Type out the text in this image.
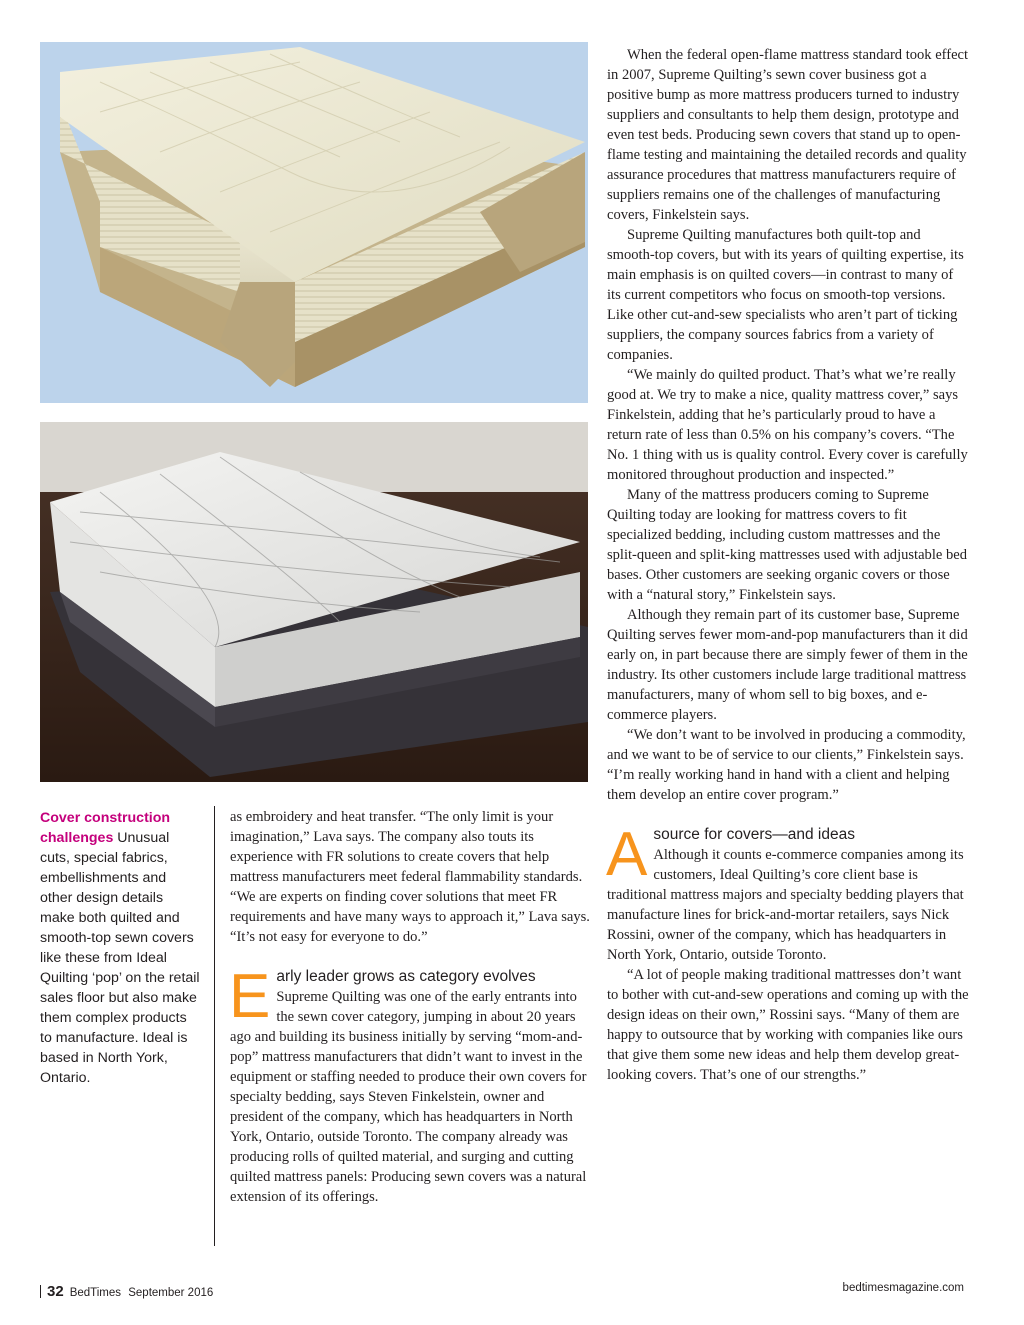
Cover construction challenges Unusual cuts, special fabrics, embellishments and other design details make both quilted and smooth-top sewn covers like these from Ideal Quilting ‘pop’ on the retail sales floor but also make them complex products to manufacture. Ideal is based in North York, Ontario.

as embroidery and heat transfer. “The only limit is your imagination,” Lava says. The company also touts its experience with FR solutions to create covers that help mattress manufacturers meet federal flammability standards. “We are experts on finding cover solutions that meet FR requirements and have many ways to approach it,” Lava says. “It’s not easy for everyone to do.”

E arly leader grows as category evolves

Supreme Quilting was one of the early entrants into the sewn cover category, jumping in about 20 years ago and building its business initially by serving “mom-and-pop” mattress manufacturers that didn’t want to invest in the equipment or staffing needed to produce their own covers for specialty bedding, says Steven Finkelstein, owner and president of the company, which has headquarters in North York, Ontario, outside Toronto. The company already was producing rolls of quilted material, and surging and cutting quilted mattress panels: Producing sewn covers was a natural extension of its offerings.

When the federal open-flame mattress standard took effect in 2007, Supreme Quilting’s sewn cover business got a positive bump as more mattress producers turned to industry suppliers and consultants to help them design, prototype and even test beds. Producing sewn covers that stand up to open-flame testing and maintaining the detailed records and quality assurance procedures that mattress manufacturers require of suppliers remains one of the challenges of manufacturing covers, Finkelstein says.

Supreme Quilting manufactures both quilt-top and smooth-top covers, but with its years of quilting expertise, its main emphasis is on quilted covers—in contrast to many of its current competitors who focus on smooth-top versions. Like other cut-and-sew specialists who aren’t part of ticking suppliers, the company sources fabrics from a variety of companies.

“We mainly do quilted product. That’s what we’re really good at. We try to make a nice, quality mattress cover,” says Finkelstein, adding that he’s particularly proud to have a return rate of less than 0.5% on his company’s covers. “The No. 1 thing with us is quality control. Every cover is carefully monitored throughout production and inspected.”

Many of the mattress producers coming to Supreme Quilting today are looking for mattress covers to fit specialized bedding, including custom mattresses and the split-queen and split-king mattresses used with adjustable bed bases. Other customers are seeking organic covers or those with a “natural story,” Finkelstein says.

Although they remain part of its customer base, Supreme Quilting serves fewer mom-and-pop manufacturers than it did early on, in part because there are simply fewer of them in the industry. Its other customers include large traditional mattress manufacturers, many of whom sell to big boxes, and e-commerce players.

“We don’t want to be involved in producing a commodity, and we want to be of service to our clients,” Finkelstein says. “I’m really working hand in hand with a client and helping them develop an entire cover program.”

A source for covers—and ideas

Although it counts e-commerce companies among its customers, Ideal Quilting’s core client base is traditional mattress majors and specialty bedding players that manufacture lines for brick-and-mortar retailers, says Nick Rossini, owner of the company, which has headquarters in North York, Ontario, outside Toronto.

“A lot of people making traditional mattresses don’t want to bother with cut-and-sew operations and coming up with the design ideas on their own,” Rossini says. “Many of them are happy to outsource that by working with companies like ours that give them some new ideas and help them develop great-looking covers. That’s one of our strengths.”

32 BedTimes September 2016	bedtimesmagazine.com
